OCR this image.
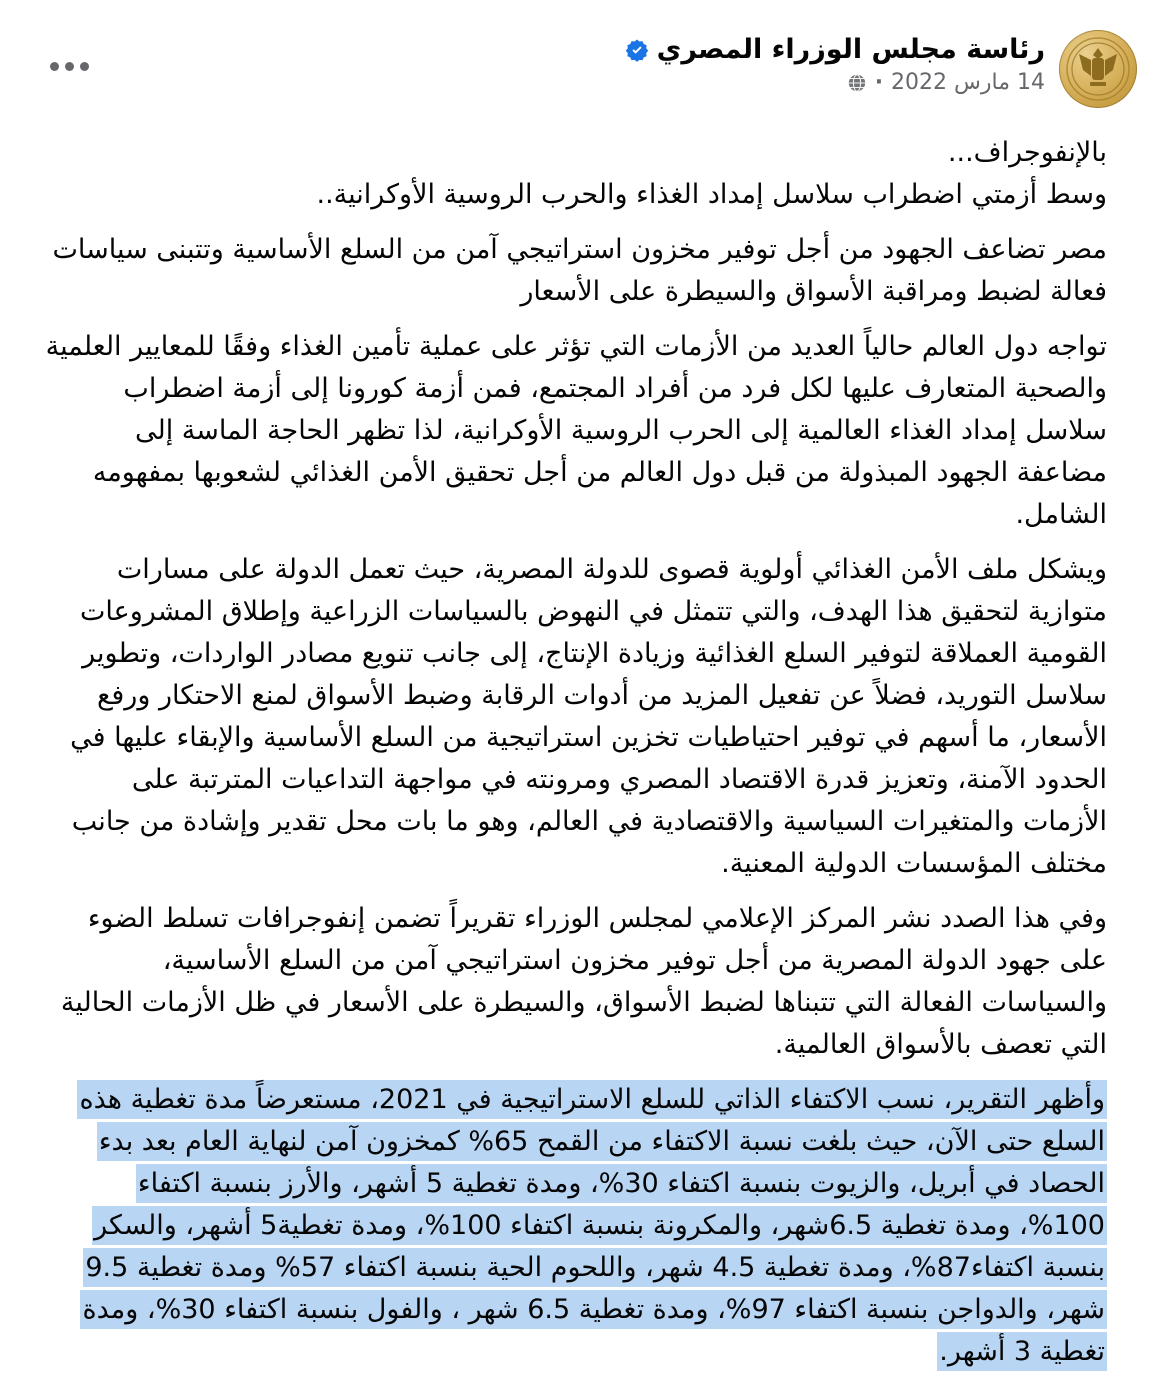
رئاسة مجلس الوزراء المصري
14 مارس 2022
·

بالإنفوجراف...

وسط أزمتي اضطراب سلاسل إمداد الغذاء والحرب الروسية الأوكرانية..

مصر تضاعف الجهود من أجل توفير مخزون استراتيجي آمن من السلع الأساسية وتتبنى سياسات فعالة لضبط ومراقبة الأسواق والسيطرة على الأسعار

تواجه دول العالم حالياً العديد من الأزمات التي تؤثر على عملية تأمين الغذاء وفقًا للمعايير العلمية والصحية المتعارف عليها لكل فرد من أفراد المجتمع، فمن أزمة كورونا إلى أزمة اضطراب سلاسل إمداد الغذاء العالمية إلى الحرب الروسية الأوكرانية، لذا تظهر الحاجة الماسة إلى مضاعفة الجهود المبذولة من قبل دول العالم من أجل تحقيق الأمن الغذائي لشعوبها بمفهومه الشامل.

ويشكل ملف الأمن الغذائي أولوية قصوى للدولة المصرية، حيث تعمل الدولة على مسارات متوازية لتحقيق هذا الهدف، والتي تتمثل في النهوض بالسياسات الزراعية وإطلاق المشروعات القومية العملاقة لتوفير السلع الغذائية وزيادة الإنتاج، إلى جانب تنويع مصادر الواردات، وتطوير سلاسل التوريد، فضلاً عن تفعيل المزيد من أدوات الرقابة وضبط الأسواق لمنع الاحتكار ورفع الأسعار، ما أسهم في توفير احتياطيات تخزين استراتيجية من السلع الأساسية والإبقاء عليها في الحدود الآمنة، وتعزيز قدرة الاقتصاد المصري ومرونته في مواجهة التداعيات المترتبة على الأزمات والمتغيرات السياسية والاقتصادية في العالم، وهو ما بات محل تقدير وإشادة من جانب مختلف المؤسسات الدولية المعنية.

وفي هذا الصدد نشر المركز الإعلامي لمجلس الوزراء تقريراً تضمن إنفوجرافات تسلط الضوء على جهود الدولة المصرية من أجل توفير مخزون استراتيجي آمن من السلع الأساسية، والسياسات الفعالة التي تتبناها لضبط الأسواق، والسيطرة على الأسعار في ظل الأزمات الحالية التي تعصف بالأسواق العالمية.

وأظهر التقرير، نسب الاكتفاء الذاتي للسلع الاستراتيجية في 2021، مستعرضاً مدة تغطية هذه السلع حتى الآن، حيث بلغت نسبة الاكتفاء من القمح 65% كمخزون آمن لنهاية العام بعد بدء الحصاد في أبريل، والزيوت بنسبة اكتفاء 30%، ومدة تغطية 5 أشهر، والأرز بنسبة اكتفاء 100%، ومدة تغطية 6.5شهر، والمكرونة بنسبة اكتفاء 100%، ومدة تغطية5 أشهر، والسكر بنسبة اكتفاء87%، ومدة تغطية 4.5 شهر، واللحوم الحية بنسبة اكتفاء 57% ومدة تغطية 9.5 شهر، والدواجن بنسبة اكتفاء 97%، ومدة تغطية 6.5 شهر ، والفول بنسبة اكتفاء 30%، ومدة تغطية 3 أشهر.
